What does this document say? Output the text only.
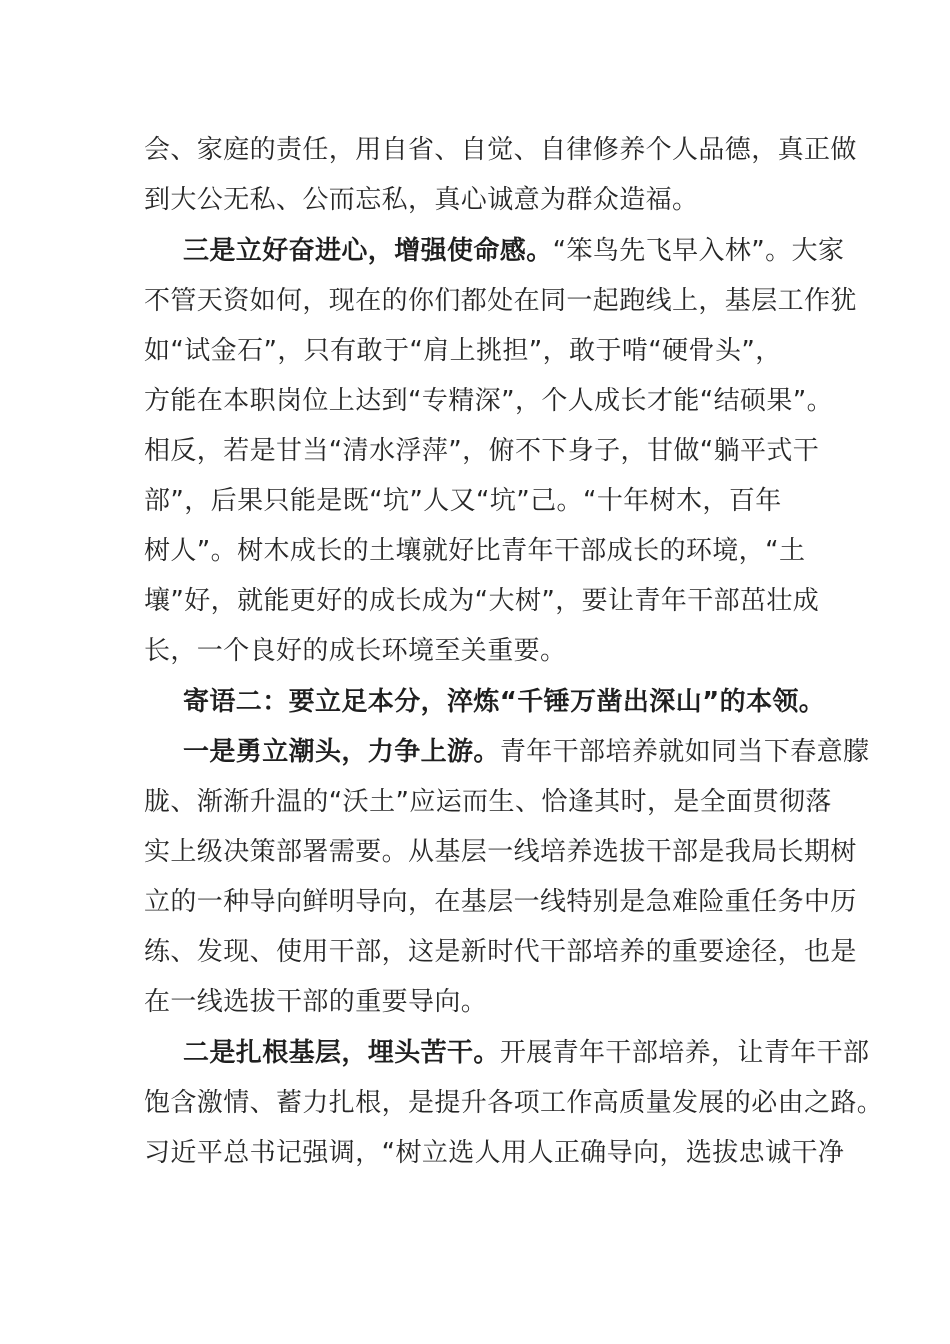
会、家庭的责任，用自省、自觉、自律修养个人品德，真正做
到大公无私、公而忘私，真心诚意为群众造福。
三是立好奋进心，增强使命感。“笨鸟先飞早入林”。大家
不管天资如何，现在的你们都处在同一起跑线上，基层工作犹
如“试金石”，只有敢于“肩上挑担”，敢于啃“硬骨头”，
方能在本职岗位上达到“专精深”，个人成长才能“结硕果”。
相反，若是甘当“清水浮萍”，俯不下身子，甘做“躺平式干
部”，后果只能是既“坑”人又“坑”己。“十年树木，百年
树人”。树木成长的土壤就好比青年干部成长的环境，“土
壤”好，就能更好的成长成为“大树”，要让青年干部茁壮成
长，一个良好的成长环境至关重要。
寄语二：要立足本分，淬炼“千锤万凿出深山”的本领。
一是勇立潮头，力争上游。青年干部培养就如同当下春意朦
胧、渐渐升温的“沃土”应运而生、恰逢其时，是全面贯彻落
实上级决策部署需要。从基层一线培养选拔干部是我局长期树
立的一种导向鲜明导向，在基层一线特别是急难险重任务中历
练、发现、使用干部，这是新时代干部培养的重要途径，也是
在一线选拔干部的重要导向。
二是扎根基层，埋头苦干。开展青年干部培养，让青年干部
饱含激情、蓄力扎根，是提升各项工作高质量发展的必由之路。
习近平总书记强调，“树立选人用人正确导向，选拔忠诚干净
